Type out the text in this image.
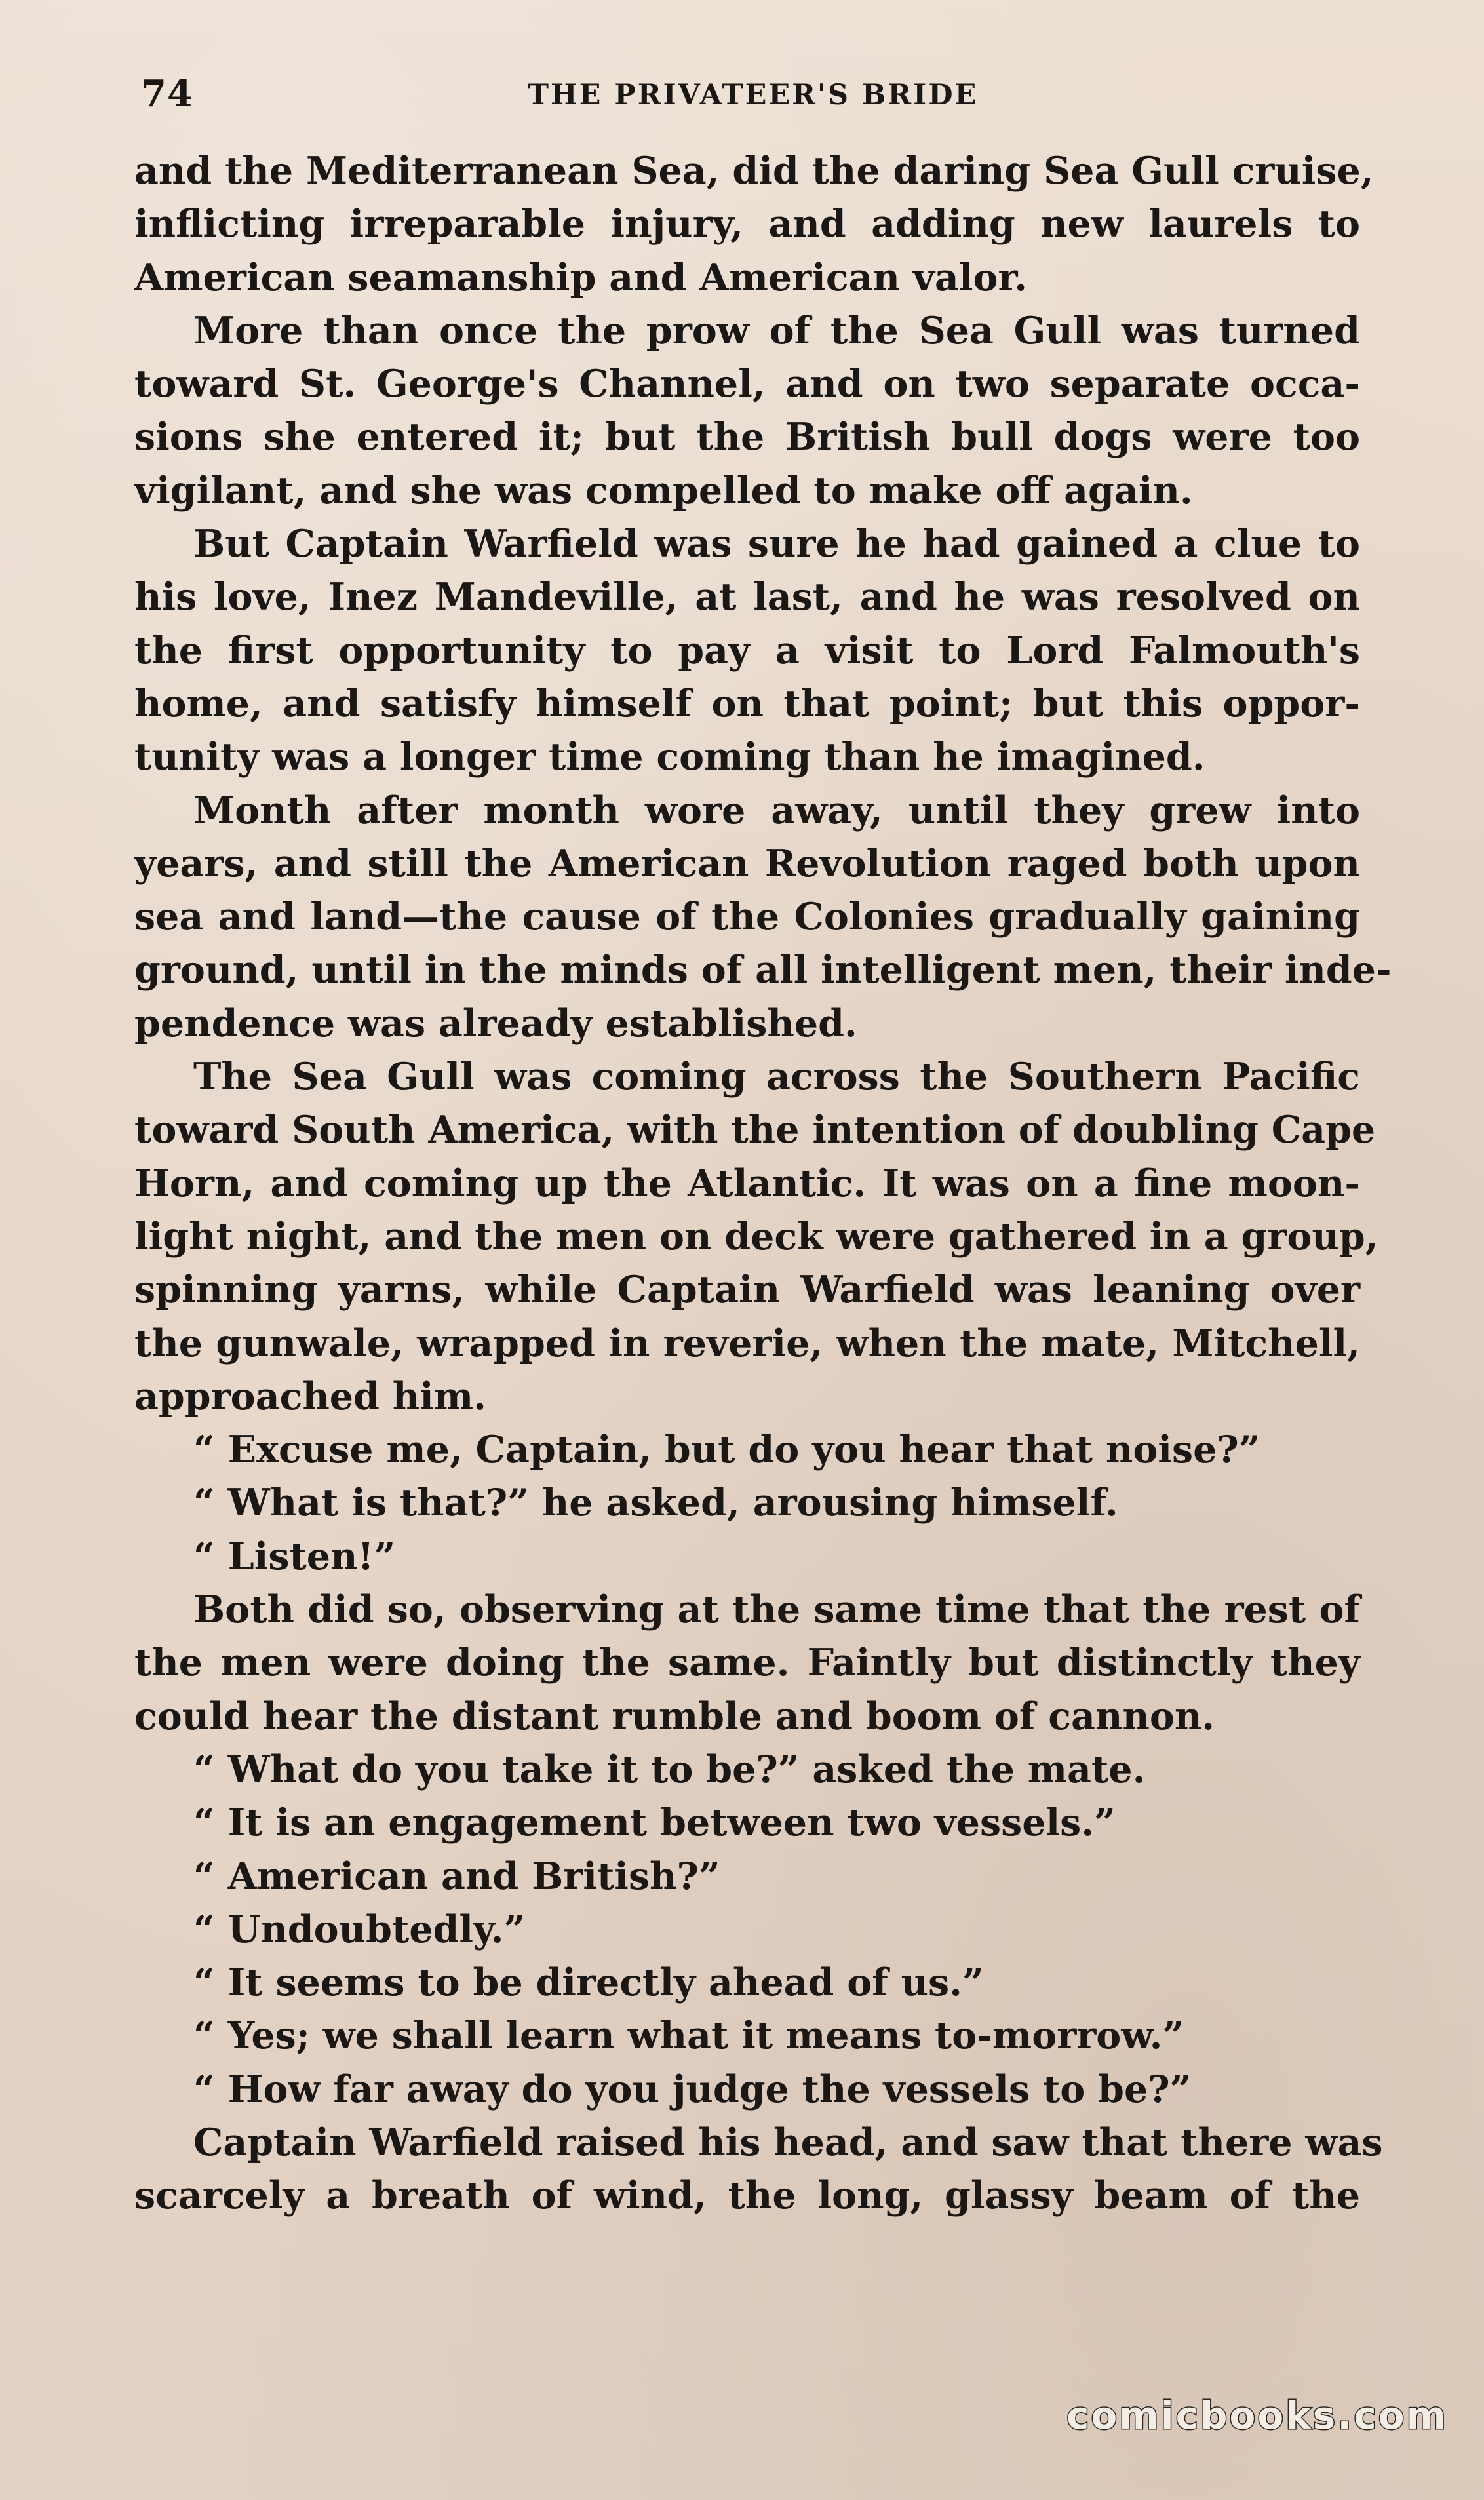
74	THE PRIVATEER'S BRIDE
and the Mediterranean Sea, did the daring Sea Gull cruise,
inflicting irreparable injury, and adding new laurels to
American seamanship and American valor.
More than once the prow of the Sea Gull was turned
toward St. George's Channel, and on two separate occa-
sions she entered it; but the British bull dogs were too
vigilant, and she was compelled to make off again.
But Captain Warfield was sure he had gained a clue to
his love, Inez Mandeville, at last, and he was resolved on
the first opportunity to pay a visit to Lord Falmouth's
home, and satisfy himself on that point; but this oppor-
tunity was a longer time coming than he imagined.
Month after month wore away, until they grew into
years, and still the American Revolution raged both upon
sea and land—the cause of the Colonies gradually gaining
ground, until in the minds of all intelligent men, their inde-
pendence was already established.
The Sea Gull was coming across the Southern Pacific
toward South America, with the intention of doubling Cape
Horn, and coming up the Atlantic. It was on a fine moon-
light night, and the men on deck were gathered in a group,
spinning yarns, while Captain Warfield was leaning over
the gunwale, wrapped in reverie, when the mate, Mitchell,
approached him.
“ Excuse me, Captain, but do you hear that noise?”
“ What is that?” he asked, arousing himself.
“ Listen!”
Both did so, observing at the same time that the rest of
the men were doing the same. Faintly but distinctly they
could hear the distant rumble and boom of cannon.
“ What do you take it to be?” asked the mate.
“ It is an engagement between two vessels.”
“ American and British?”
“ Undoubtedly.”
“ It seems to be directly ahead of us.”
“ Yes; we shall learn what it means to-morrow.”
“ How far away do you judge the vessels to be?”
Captain Warfield raised his head, and saw that there was
scarcely a breath of wind, the long, glassy beam of the
comicbooks.com
